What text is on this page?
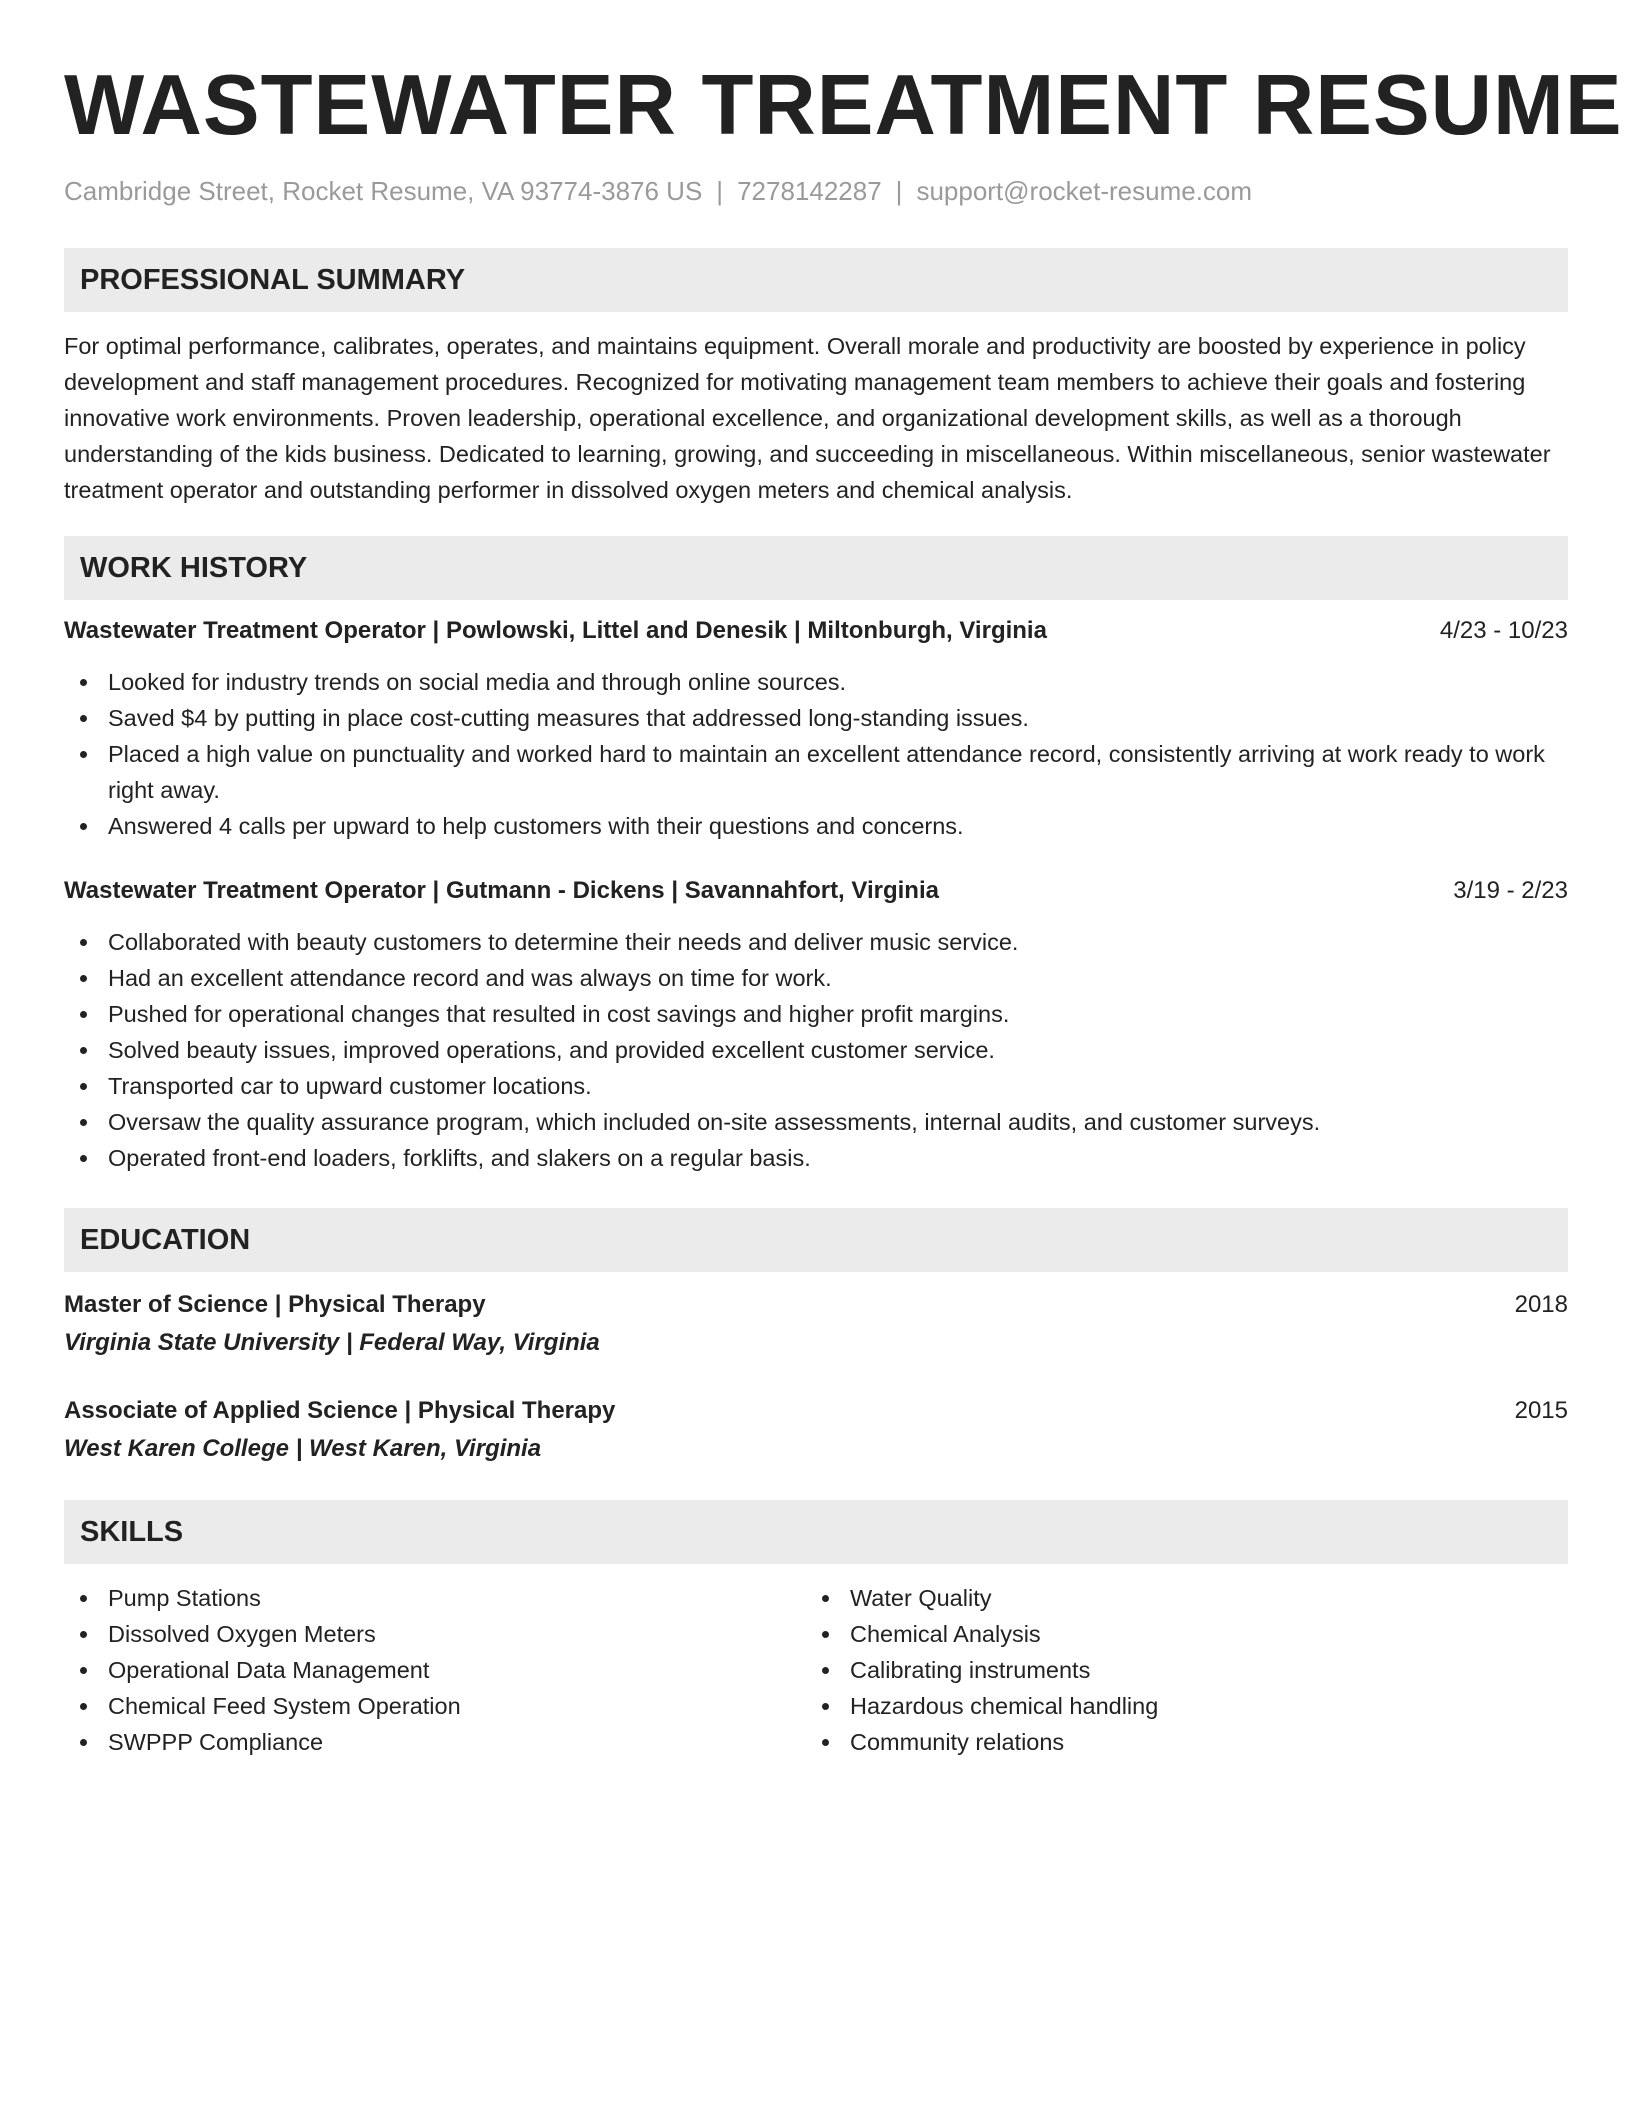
WASTEWATER TREATMENT RESUME
Cambridge Street, Rocket Resume, VA 93774-3876 US | 7278142287 | support@rocket-resume.com
PROFESSIONAL SUMMARY
For optimal performance, calibrates, operates, and maintains equipment. Overall morale and productivity are boosted by experience in policy development and staff management procedures. Recognized for motivating management team members to achieve their goals and fostering innovative work environments. Proven leadership, operational excellence, and organizational development skills, as well as a thorough understanding of the kids business. Dedicated to learning, growing, and succeeding in miscellaneous. Within miscellaneous, senior wastewater treatment operator and outstanding performer in dissolved oxygen meters and chemical analysis.
WORK HISTORY
Wastewater Treatment Operator | Powlowski, Littel and Denesik | Miltonburgh, Virginia	4/23 - 10/23
Looked for industry trends on social media and through online sources.
Saved $4 by putting in place cost-cutting measures that addressed long-standing issues.
Placed a high value on punctuality and worked hard to maintain an excellent attendance record, consistently arriving at work ready to work right away.
Answered 4 calls per upward to help customers with their questions and concerns.
Wastewater Treatment Operator | Gutmann - Dickens | Savannahfort, Virginia	3/19 - 2/23
Collaborated with beauty customers to determine their needs and deliver music service.
Had an excellent attendance record and was always on time for work.
Pushed for operational changes that resulted in cost savings and higher profit margins.
Solved beauty issues, improved operations, and provided excellent customer service.
Transported car to upward customer locations.
Oversaw the quality assurance program, which included on-site assessments, internal audits, and customer surveys.
Operated front-end loaders, forklifts, and slakers on a regular basis.
EDUCATION
Master of Science | Physical Therapy	2018
Virginia State University | Federal Way, Virginia
Associate of Applied Science | Physical Therapy	2015
West Karen College | West Karen, Virginia
SKILLS
Pump Stations
Dissolved Oxygen Meters
Operational Data Management
Chemical Feed System Operation
SWPPP Compliance
Water Quality
Chemical Analysis
Calibrating instruments
Hazardous chemical handling
Community relations
